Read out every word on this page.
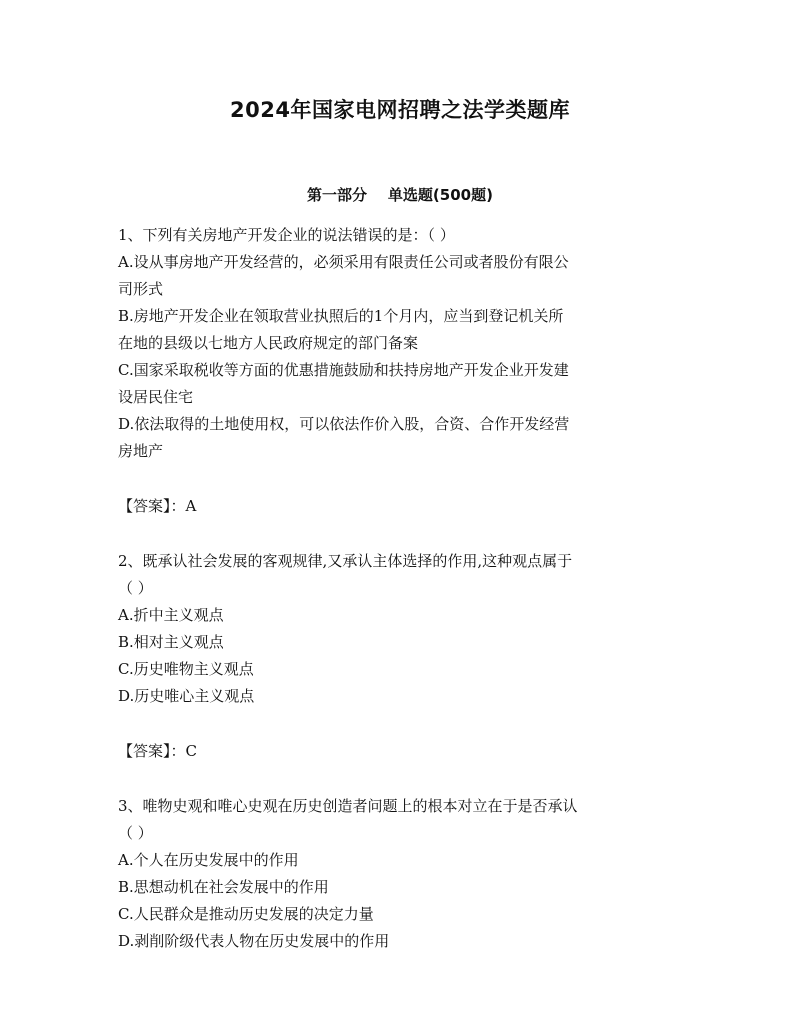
2024年国家电网招聘之法学类题库
第一部分    单选题(500题)
1、下列有关房地产开发企业的说法错误的是：（ ）
A.设从事房地产开发经营的，必须采用有限责任公司或者股份有限公
司形式
B.房地产开发企业在领取营业执照后的1个月内，应当到登记机关所
在地的县级以七地方人民政府规定的部门备案
C.国家采取税收等方面的优惠措施鼓励和扶持房地产开发企业开发建
设居民住宅
D.依法取得的土地使用权，可以依法作价入股，合资、合作开发经营
房地产
【答案】：A
2、既承认社会发展的客观规律,又承认主体选择的作用,这种观点属于
（ ）
A.折中主义观点
B.相对主义观点
C.历史唯物主义观点
D.历史唯心主义观点
【答案】：C
3、唯物史观和唯心史观在历史创造者问题上的根本对立在于是否承认
（ ）
A.个人在历史发展中的作用
B.思想动机在社会发展中的作用
C.人民群众是推动历史发展的决定力量
D.剥削阶级代表人物在历史发展中的作用
